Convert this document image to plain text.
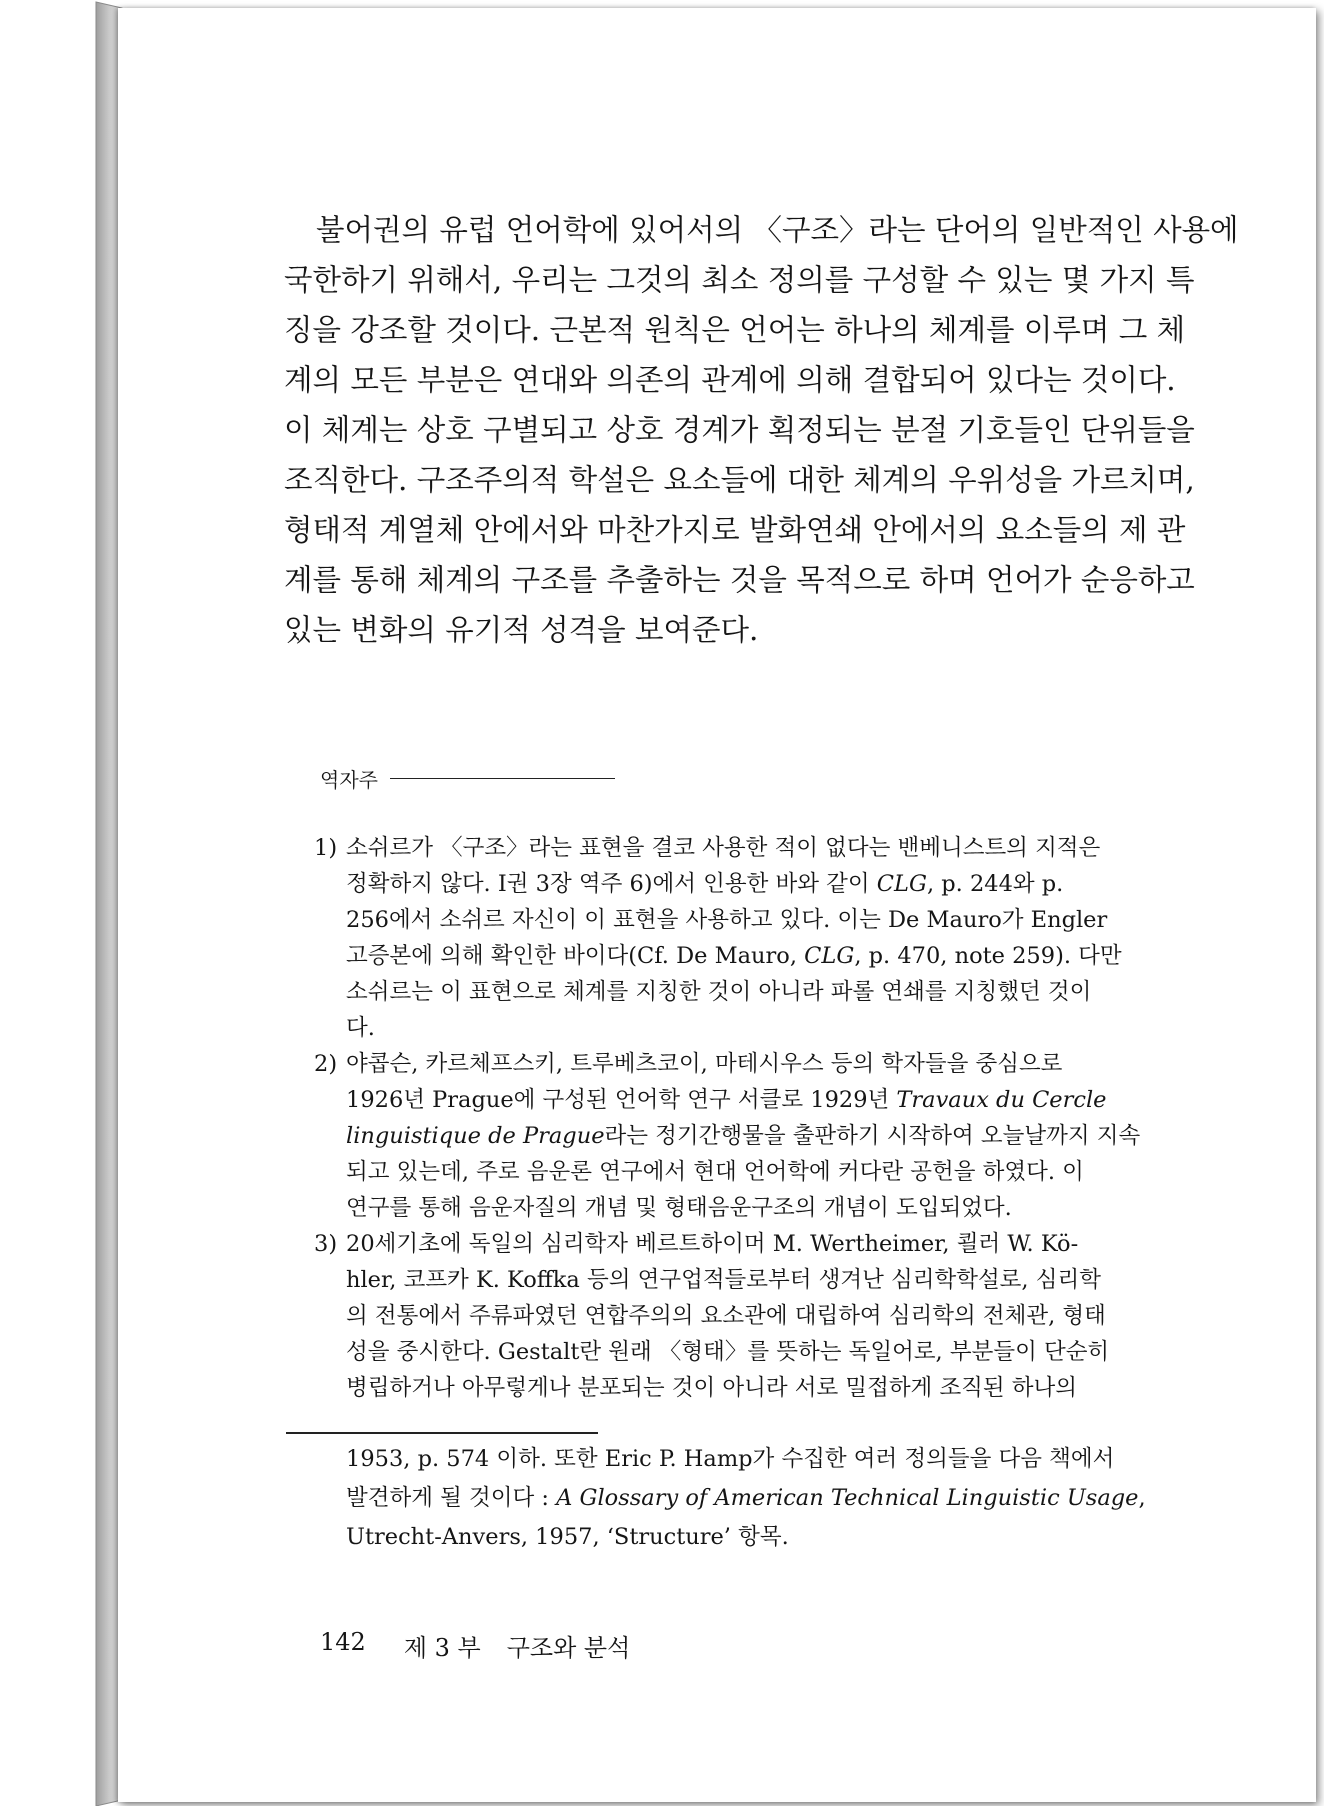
불어권의 유럽 언어학에 있어서의 〈구조〉라는 단어의 일반적인 사용에
국한하기 위해서, 우리는 그것의 최소 정의를 구성할 수 있는 몇 가지 특
징을 강조할 것이다. 근본적 원칙은 언어는 하나의 체계를 이루며 그 체
계의 모든 부분은 연대와 의존의 관계에 의해 결합되어 있다는 것이다.
이 체계는 상호 구별되고 상호 경계가 획정되는 분절 기호들인 단위들을
조직한다. 구조주의적 학설은 요소들에 대한 체계의 우위성을 가르치며,
형태적 계열체 안에서와 마찬가지로 발화연쇄 안에서의 요소들의 제 관
계를 통해 체계의 구조를 추출하는 것을 목적으로 하며 언어가 순응하고
있는 변화의 유기적 성격을 보여준다.
역자주
1) 소쉬르가 〈구조〉라는 표현을 결코 사용한 적이 없다는 밴베니스트의 지적은
정확하지 않다. Ⅰ권 3장 역주 6)에서 인용한 바와 같이 CLG, p. 244와 p.
256에서 소쉬르 자신이 이 표현을 사용하고 있다. 이는 De Mauro가 Engler
고증본에 의해 확인한 바이다(Cf. De Mauro, CLG, p. 470, note 259). 다만
소쉬르는 이 표현으로 체계를 지칭한 것이 아니라 파롤 연쇄를 지칭했던 것이
다.
2) 야콥슨, 카르체프스키, 트루베츠코이, 마테시우스 등의 학자들을 중심으로
1926년 Prague에 구성된 언어학 연구 서클로 1929년 Travaux du Cercle
linguistique de Prague라는 정기간행물을 출판하기 시작하여 오늘날까지 지속
되고 있는데, 주로 음운론 연구에서 현대 언어학에 커다란 공헌을 하였다. 이
연구를 통해 음운자질의 개념 및 형태음운구조의 개념이 도입되었다.
3) 20세기초에 독일의 심리학자 베르트하이머 M. Wertheimer, 쾰러 W. Kö-
hler, 코프카 K. Koffka 등의 연구업적들로부터 생겨난 심리학학설로, 심리학
의 전통에서 주류파였던 연합주의의 요소관에 대립하여 심리학의 전체관, 형태
성을 중시한다. Gestalt란 원래 〈형태〉를 뜻하는 독일어로, 부분들이 단순히
병립하거나 아무렇게나 분포되는 것이 아니라 서로 밀접하게 조직된 하나의
1953, p. 574 이하. 또한 Eric P. Hamp가 수집한 여러 정의들을 다음 책에서
발견하게 될 것이다 : A Glossary of American Technical Linguistic Usage,
Utrecht-Anvers, 1957, ‘Structure’ 항목.
142 제 3 부 구조와 분석
